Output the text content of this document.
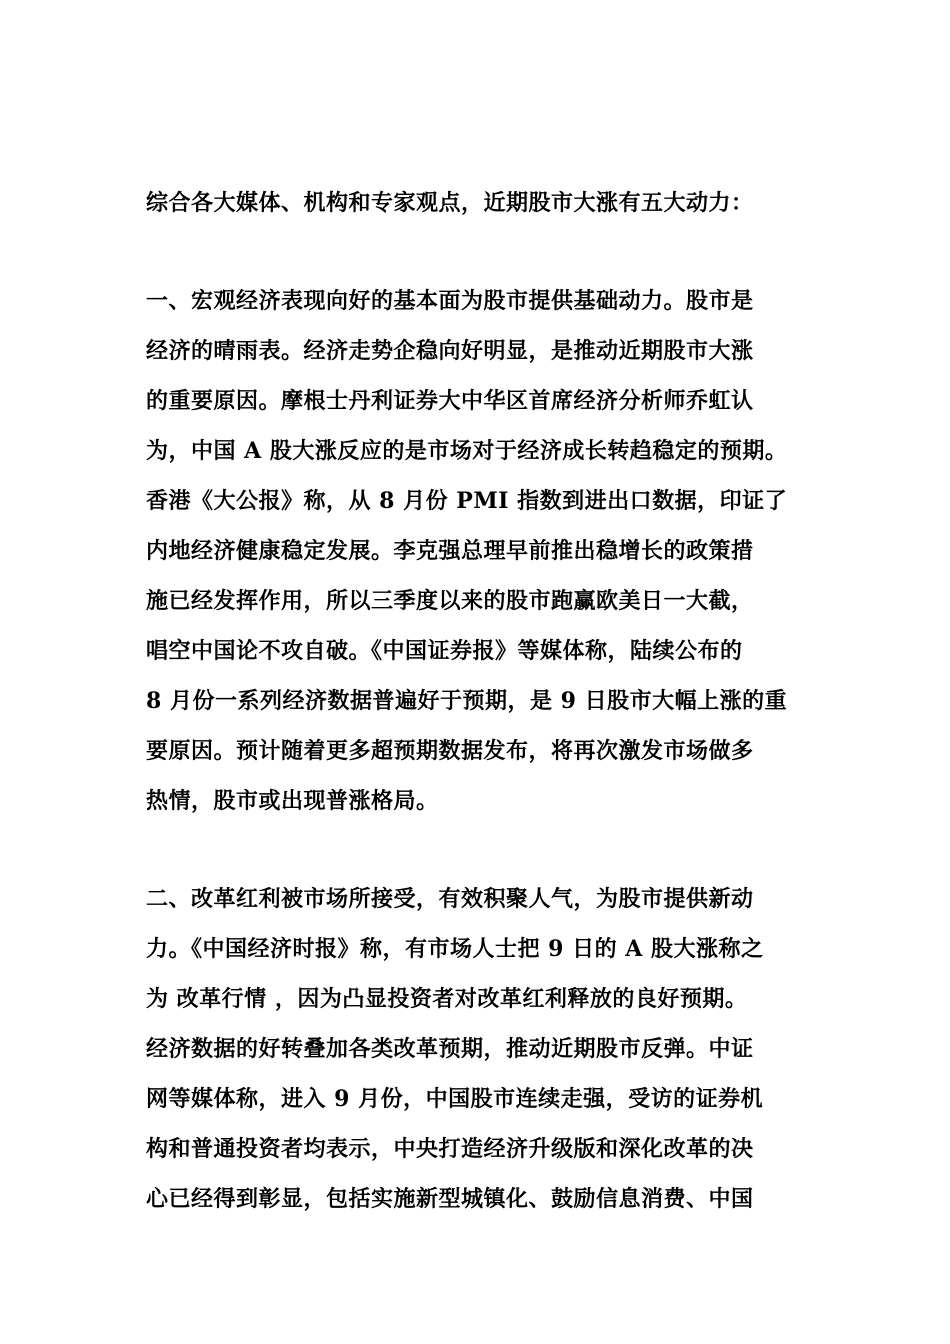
综合各大媒体、机构和专家观点，近期股市大涨有五大动力：
一、宏观经济表现向好的基本面为股市提供基础动力。股市是
经济的晴雨表。经济走势企稳向好明显，是推动近期股市大涨
的重要原因。摩根士丹利证券大中华区首席经济分析师乔虹认
为，中国 A 股大涨反应的是市场对于经济成长转趋稳定的预期。
香港《大公报》称，从 8 月份 PMI 指数到进出口数据，印证了
内地经济健康稳定发展。李克强总理早前推出稳增长的政策措
施已经发挥作用，所以三季度以来的股市跑赢欧美日一大截，
唱空中国论不攻自破。《中国证券报》等媒体称，陆续公布的
8 月份一系列经济数据普遍好于预期，是 9 日股市大幅上涨的重
要原因。预计随着更多超预期数据发布，将再次激发市场做多
热情，股市或出现普涨格局。
二、改革红利被市场所接受，有效积聚人气，为股市提供新动
力。《中国经济时报》称，有市场人士把 9 日的 A 股大涨称之
为 改革行情 ，因为凸显投资者对改革红利释放的良好预期。
经济数据的好转叠加各类改革预期，推动近期股市反弹。中证
网等媒体称，进入 9 月份，中国股市连续走强，受访的证券机
构和普通投资者均表示，中央打造经济升级版和深化改革的决
心已经得到彰显，包括实施新型城镇化、鼓励信息消费、中国
